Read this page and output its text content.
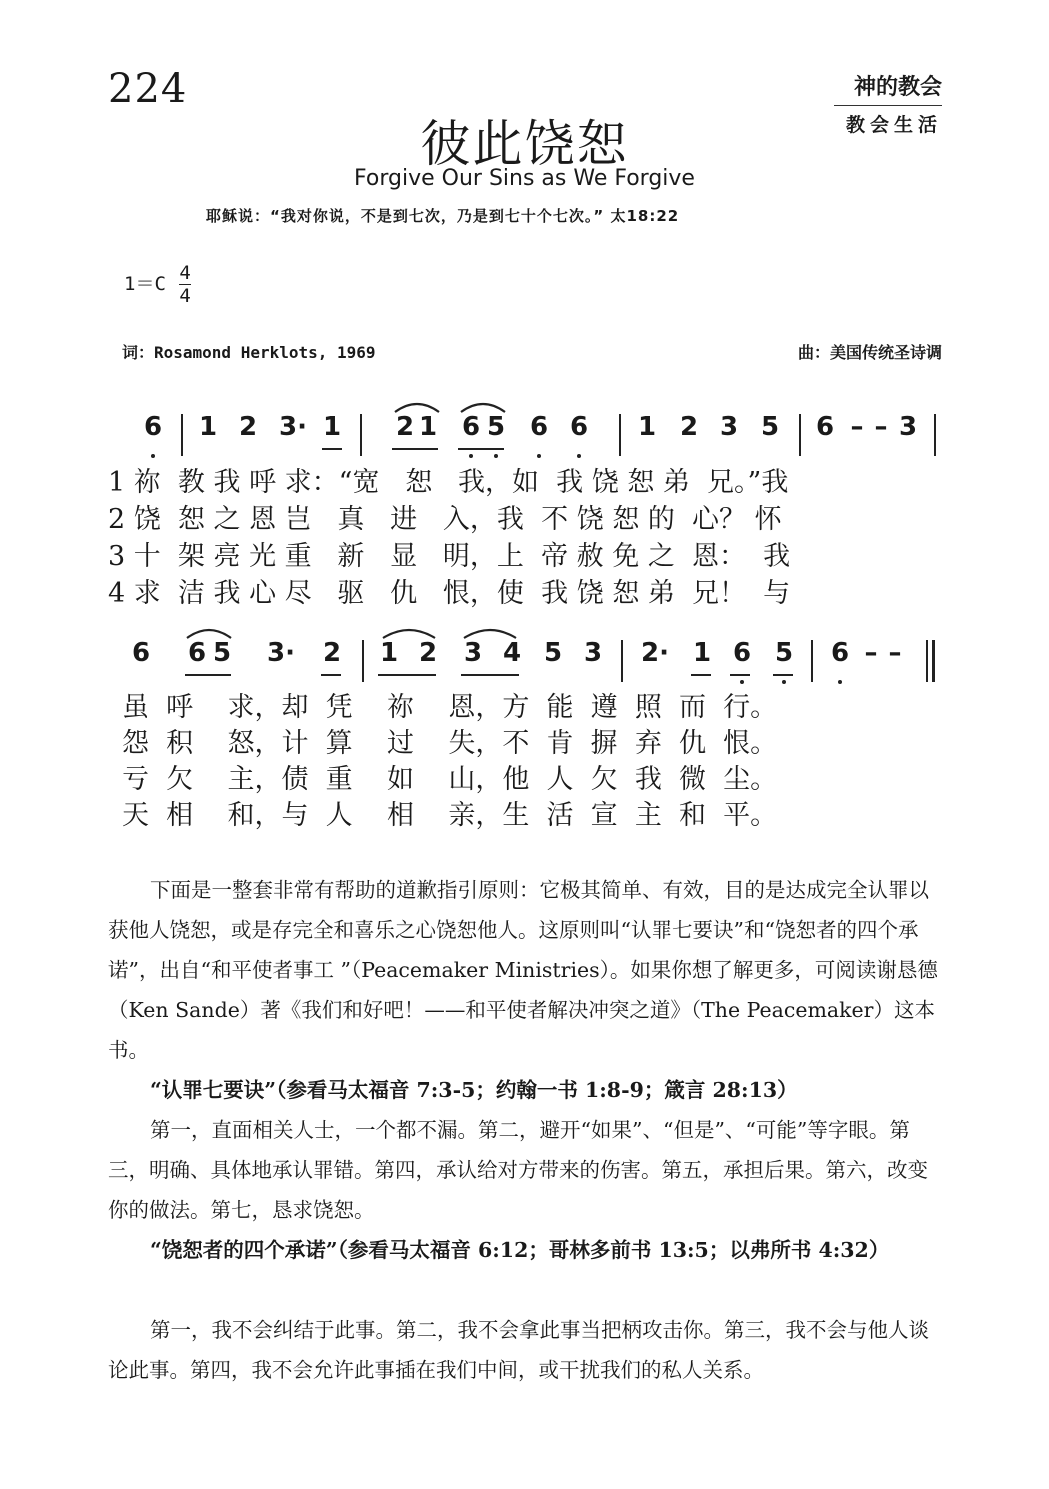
224	神的教会
教会生活
彼此饶恕
Forgive Our Sins as We Forgive
耶稣说：“我对你说，不是到七次，乃是到七十个七次。” 太18:22
$1=C \frac{4}{4}$
词：Rosamond Herklots, 1969	曲：美国传统圣诗调
6 1 2 3· 1 2 1 6 5 6 6 1 2 3 5 6 – – 3
1 祢  教 我 呼 求：“宽   恕   我，如  我 饶 恕 弟  兄。”我
2 饶  恕 之 恩 岂   真   进   入，我  不 饶 恕 的  心？ 怀
3 十  架 亮 光 重   新   显   明，上  帝 赦 免 之  恩：  我
4 求  洁 我 心 尽   驱   仇   恨，使  我 饶 恕 弟  兄！  与
6 6 5 3· 2 1 2 3 4 5 3 2· 1 6 5 6 – –
虽  呼    求，却  凭    祢    恩，方  能  遵  照  而  行。
怨  积    怒，计  算    过    失，不  肯  摒  弃  仇  恨。
亏  欠    主，债  重    如    山，他  人  欠  我  微  尘。
天  相    和，与  人    相    亲，生  活  宣  主  和  平。
下面是一整套非常有帮助的道歉指引原则：它极其简单、有效，目的是达成完全认罪以获他人饶恕，或是存完全和喜乐之心饶恕他人。这原则叫“认罪七要诀”和“饶恕者的四个承诺”，出自“和平使者事工 ”（Peacemaker Ministries）。如果你想了解更多，可阅读谢恳德（Ken Sande）著《我们和好吧！——和平使者解决冲突之道》（The Peacemaker）这本书。
“认罪七要诀”（参看马太福音 7:3-5；约翰一书 1:8-9；箴言 28:13）
第一，直面相关人士，一个都不漏。第二，避开“如果”、“但是”、“可能”等字眼。第三，明确、具体地承认罪错。第四，承认给对方带来的伤害。第五，承担后果。第六，改变你的做法。第七，恳求饶恕。
“饶恕者的四个承诺”（参看马太福音 6:12；哥林多前书 13:5；以弗所书 4:32）
第一，我不会纠结于此事。第二，我不会拿此事当把柄攻击你。第三，我不会与他人谈论此事。第四，我不会允许此事插在我们中间，或干扰我们的私人关系。
